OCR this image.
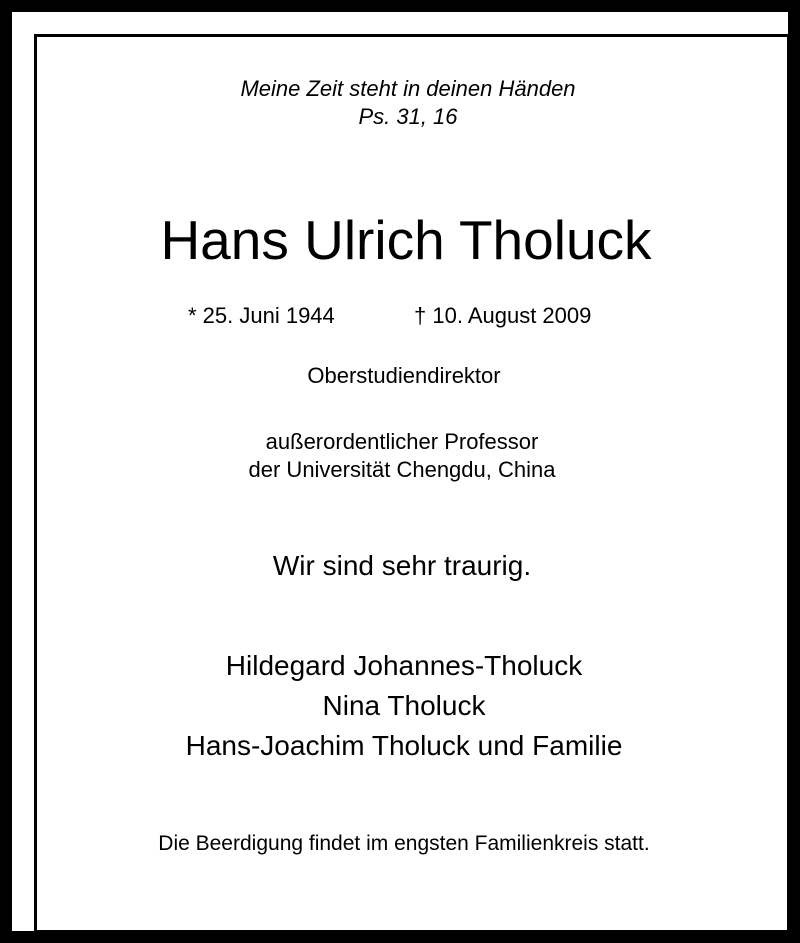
Meine Zeit steht in deinen Händen

Ps. 31, 16

Hans Ulrich Tholuck

* 25. Juni 1944	† 10. August 2009

Oberstudiendirektor

außerordentlicher Professor

der Universität Chengdu, China

Wir sind sehr traurig.

Hildegard Johannes-Tholuck

Nina Tholuck

Hans-Joachim Tholuck und Familie

Die Beerdigung findet im engsten Familienkreis statt.
